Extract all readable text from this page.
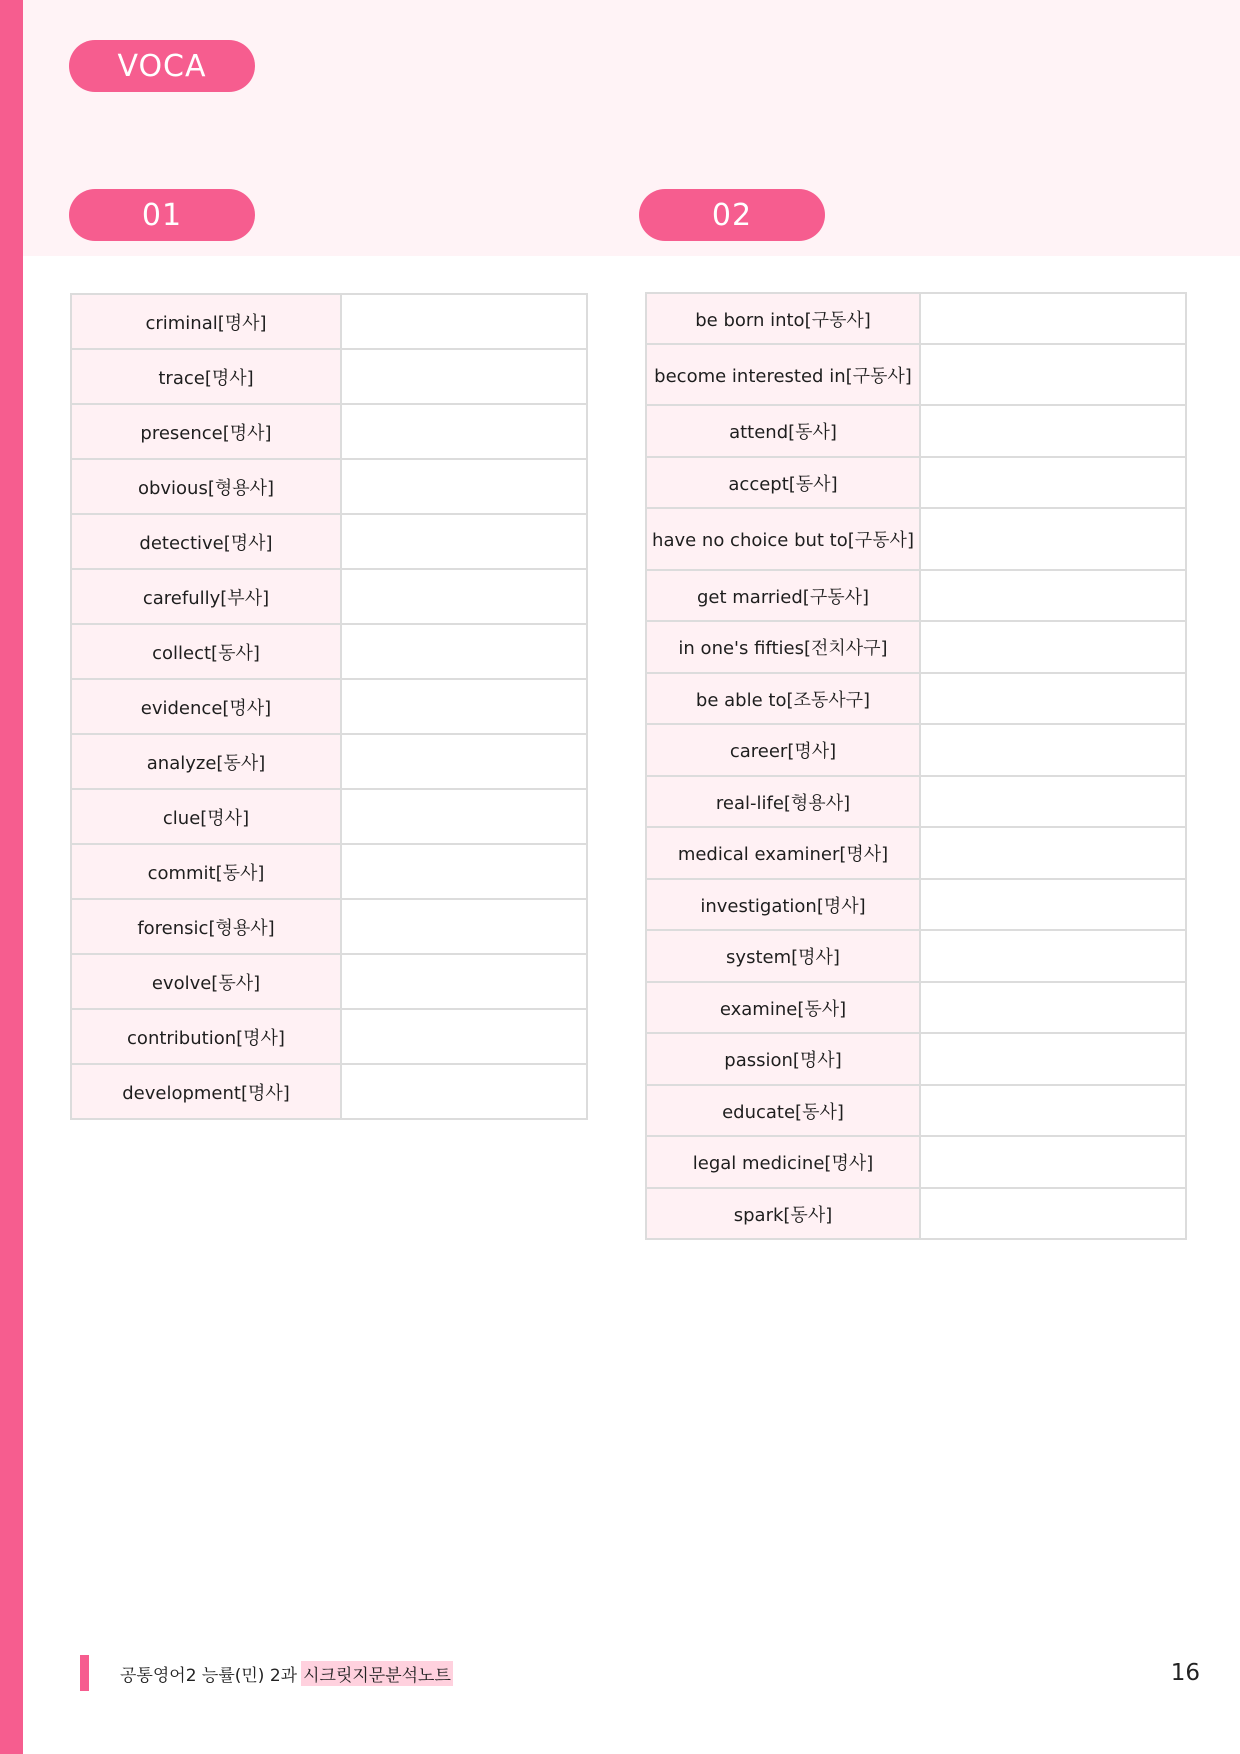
VOCA
01	02
criminal[명사]	
trace[명사]	
presence[명사]	
obvious[형용사]	
detective[명사]	
carefully[부사]	
collect[동사]	
evidence[명사]	
analyze[동사]	
clue[명사]	
commit[동사]	
forensic[형용사]	
evolve[동사]	
contribution[명사]	
development[명사]	
be born into[구동사]	
become interested in[구동사]	
attend[동사]	
accept[동사]	
have no choice but to[구동사]	
get married[구동사]	
in one's fifties[전치사구]	
be able to[조동사구]	
career[명사]	
real-life[형용사]	
medical examiner[명사]	
investigation[명사]	
system[명사]	
examine[동사]	
passion[명사]	
educate[동사]	
legal medicine[명사]	
spark[동사]	
공통영어2 능률(민) 2과 시크릿지문분석노트	16
